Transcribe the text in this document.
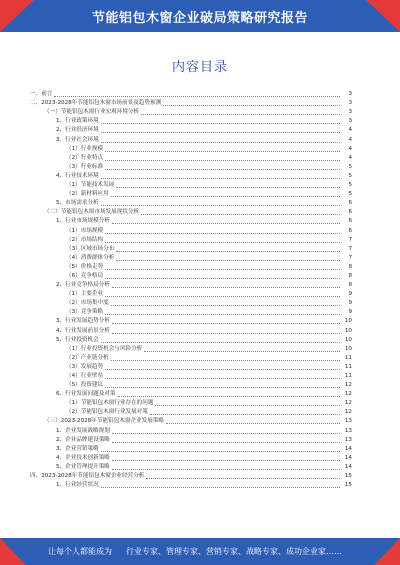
节能铝包木窗企业破局策略研究报告
内容目录
一、前言	3
二、2023-2028年节能铝包木窗市场前景及趋势预测	3
（一）节能铝包木窗行业宏观环境分析	3
1、行业政策环境	3
2、行业经济环境	4
3、行业社会环境	4
（1）行业规模	4
（2）行业特点	4
（3）行业标准	5
4、行业技术环境	5
（1）节能技术发展	5
（2）新材料应用	5
5、市场需求分析	6
（二）节能铝包木窗市场发展现状分析	6
1、行业市场规模分析	6
（1）市场规模	6
（2）市场结构	7
（3）区域市场分布	7
（4）消费群体分析	7
（5）价格走势	8
（6）竞争格局	8
2、行业竞争格局分析	8
（1）主要企业	9
（2）市场集中度	9
（3）竞争策略	9
3、行业发展趋势分析	10
4、行业发展前景分析	10
5、行业投资机会	10
（1）行业投资机会与风险分析	10
（2）产业链分析	11
（3）发展趋势	11
（4）行业壁垒	11
（5）投资建议	12
6、行业发展问题及对策	12
（1）节能铝包木窗行业存在的问题	12
（2）节能铝包木窗行业发展对策	12
（三）2023-2028年节能铝包木窗企业发展策略	13
1、企业发展战略规划	13
2、企业品牌建设策略	13
3、企业营销策略	14
4、企业技术创新策略	14
5、企业管理提升策略	14
四、2023-2028年节能铝包木窗企业经营分析	15
1、行业经营状况	15
让每个人都能成为 行业专家、管理专家、营销专家、战略专家、成功企业家……
